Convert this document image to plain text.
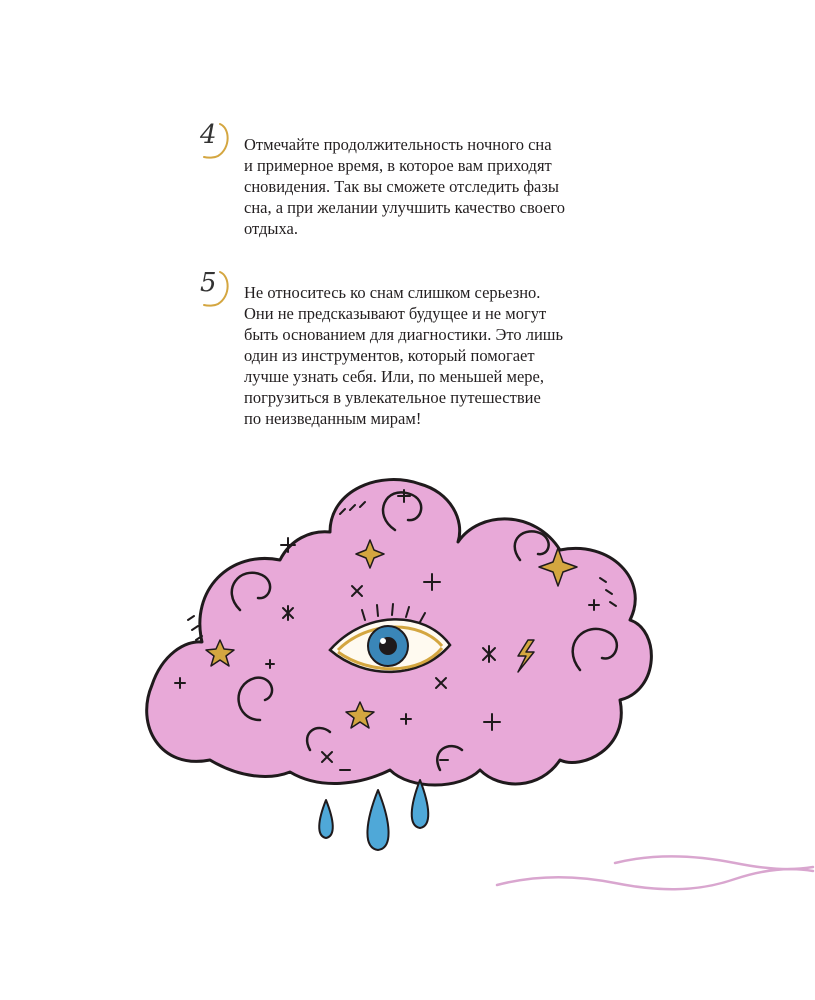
4 Отмечайте продолжительность ночного сна
и примерное время, в которое вам приходят
сновидения. Так вы сможете отследить фазы
сна, а при желании улучшить качество своего
отдыха.

5 Не относитесь ко снам слишком серьезно.
Они не предсказывают будущее и не могут
быть основанием для диагностики. Это лишь
один из инструментов, который помогает
лучше узнать себя. Или, по меньшей мере,
погрузиться в увлекательное путешествие
по неизведанным мирам!
